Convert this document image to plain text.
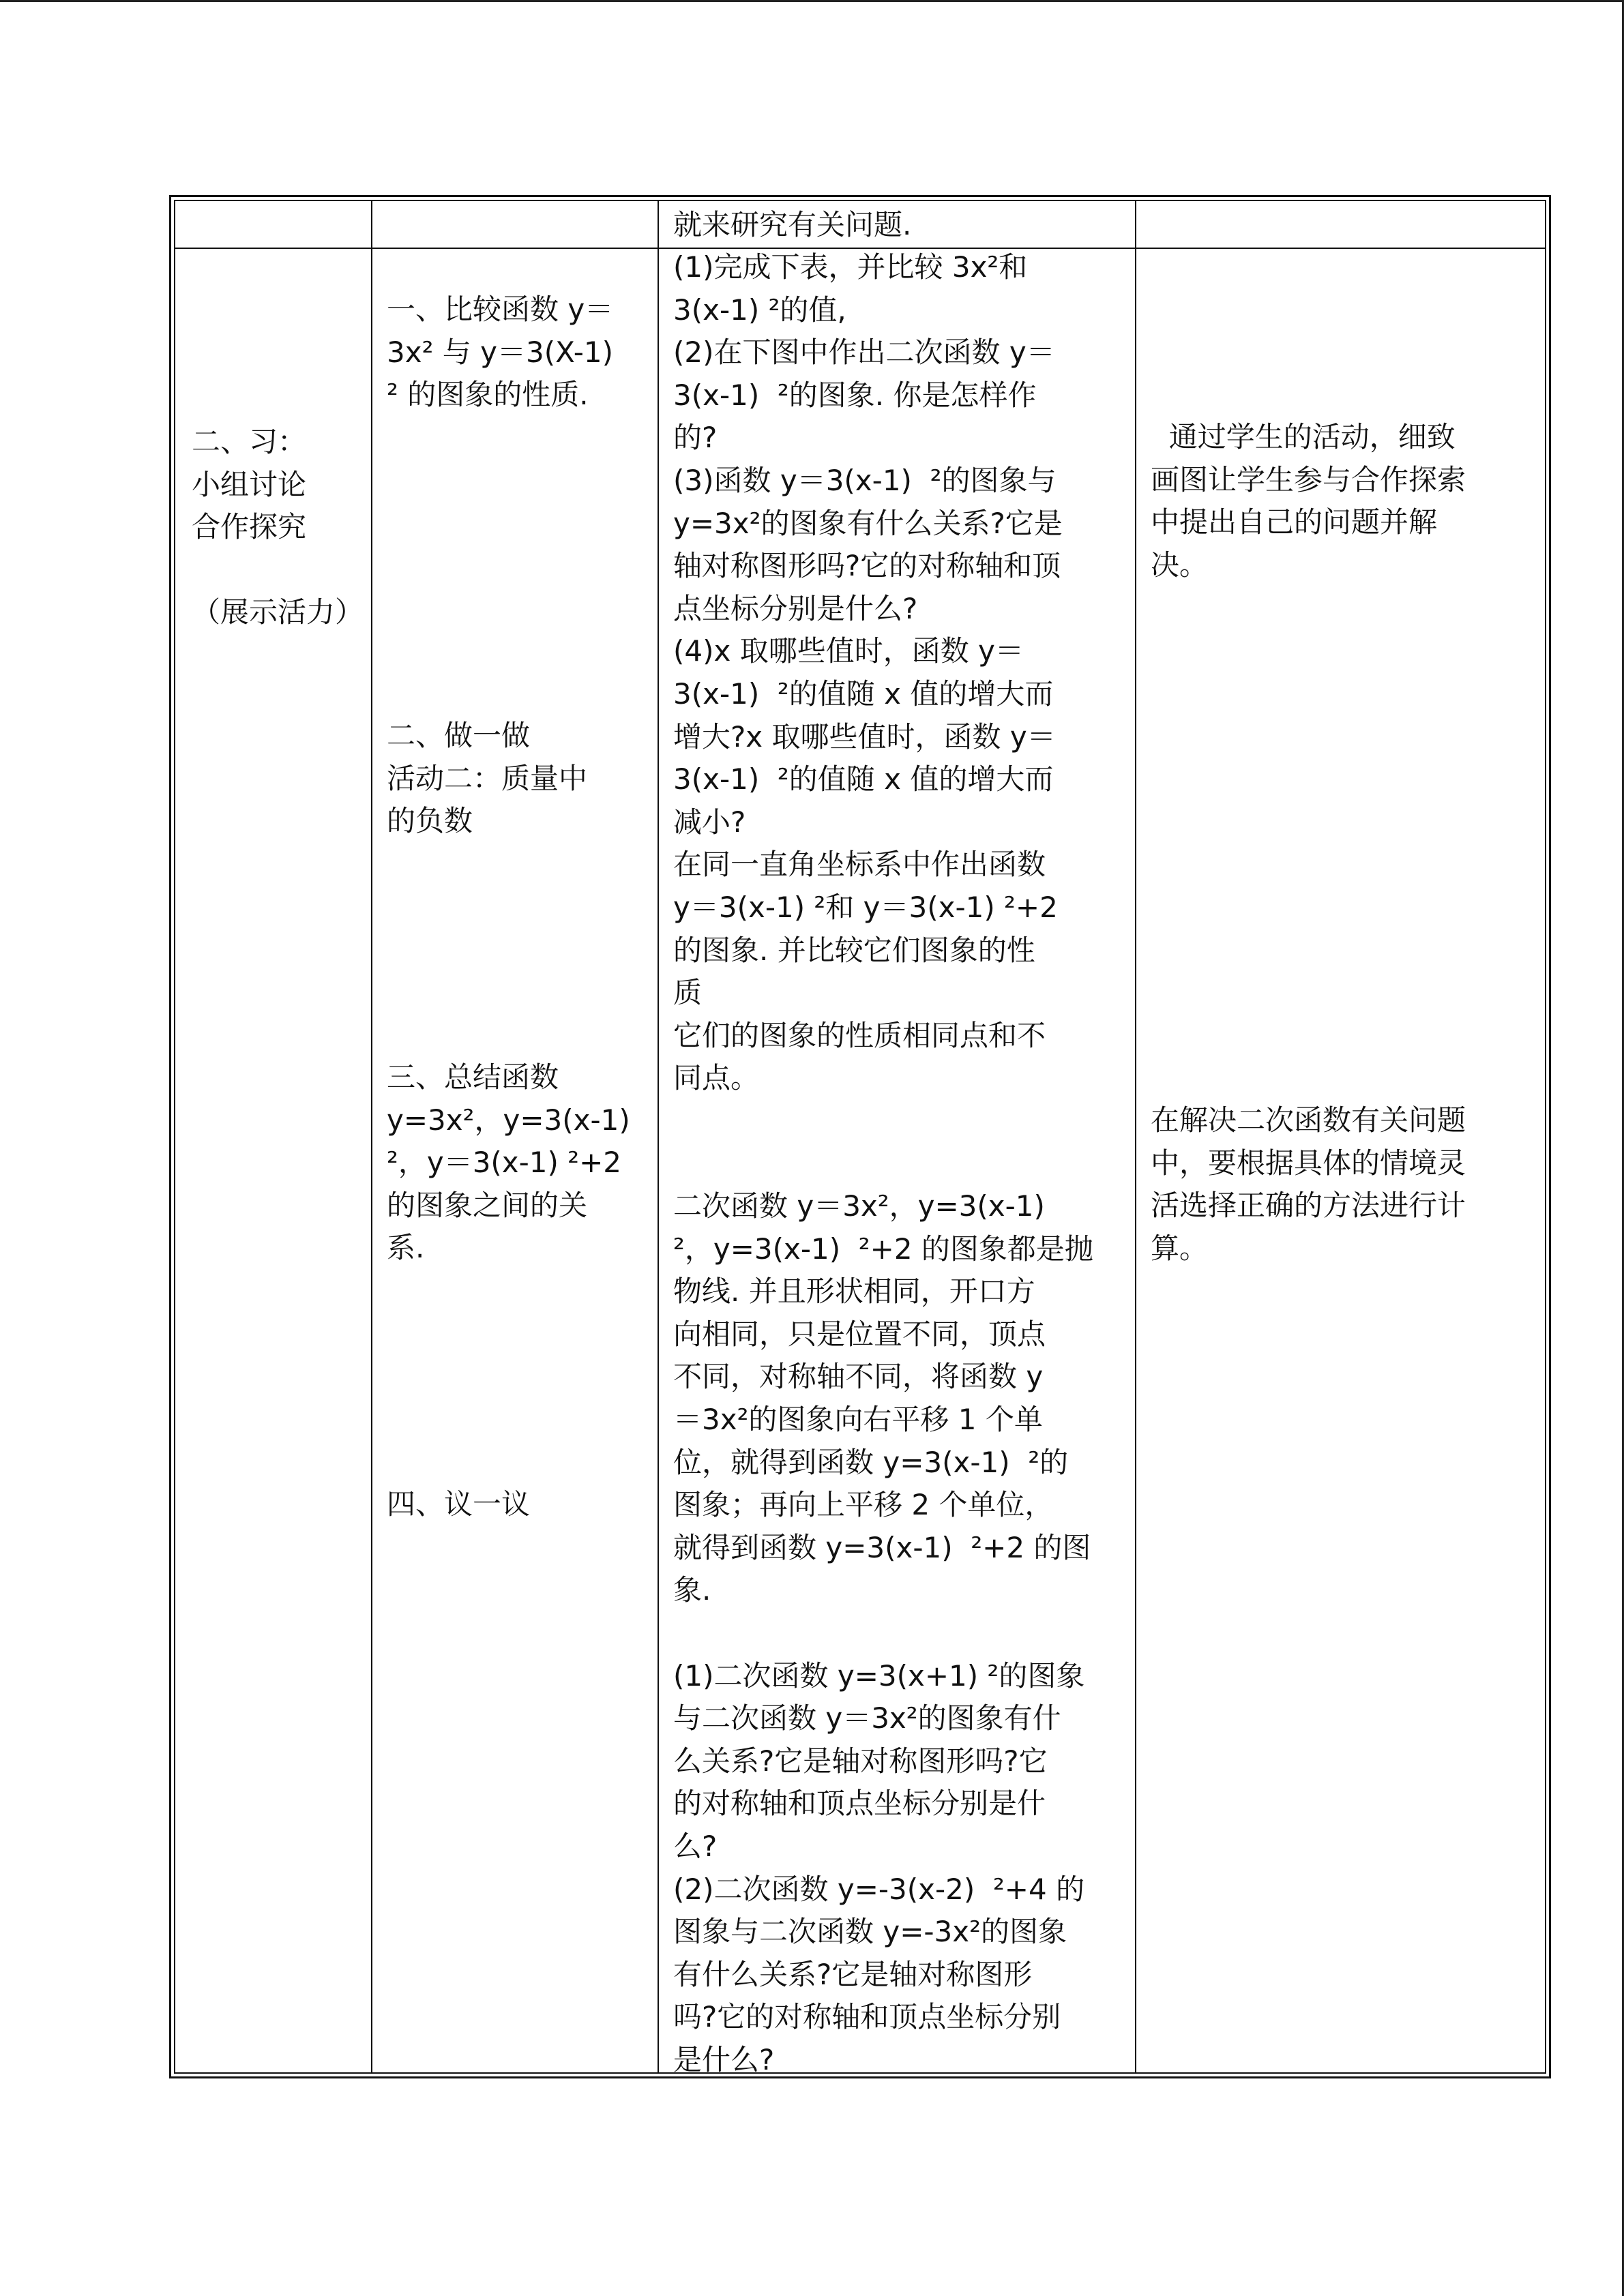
就来研究有关问题.
二、习：
小组讨论
合作探究

（展示活力）
一、比较函数 y＝
3x² 与 y＝3(X-1)
² 的图象的性质.
二、做一做
活动二：质量中
的负数
三、总结函数
y=3x²，y=3(x-1)
²，y＝3(x-1) ²+2
的图象之间的关
系.
四、议一议
(1)完成下表，并比较 3x²和
3(x-1) ²的值,
(2)在下图中作出二次函数 y＝
3(x-1)  ²的图象. 你是怎样作
的?
(3)函数 y＝3(x-1)  ²的图象与
y=3x²的图象有什么关系?它是
轴对称图形吗?它的对称轴和顶
点坐标分别是什么?
(4)x 取哪些值时，函数 y＝
3(x-1)  ²的值随 x 值的增大而
增大?x 取哪些值时，函数 y＝
3(x-1)  ²的值随 x 值的增大而
减小?
在同一直角坐标系中作出函数
y＝3(x-1) ²和 y＝3(x-1) ²+2
的图象. 并比较它们图象的性
质
它们的图象的性质相同点和不
同点。

二次函数 y＝3x²，y=3(x-1)
²，y=3(x-1)  ²+2 的图象都是抛
物线. 并且形状相同，开口方
向相同，只是位置不同，顶点
不同，对称轴不同，将函数 y
＝3x²的图象向右平移 1 个单
位，就得到函数 y=3(x-1)  ²的
图象；再向上平移 2 个单位，
就得到函数 y=3(x-1)  ²+2 的图
象.

(1)二次函数 y=3(x+1) ²的图象
与二次函数 y＝3x²的图象有什
么关系?它是轴对称图形吗?它
的对称轴和顶点坐标分别是什
么?
(2)二次函数 y=-3(x-2)  ²+4 的
图象与二次函数 y=-3x²的图象
有什么关系?它是轴对称图形
吗?它的对称轴和顶点坐标分别
是什么?
通过学生的活动，细致
画图让学生参与合作探索
中提出自己的问题并解
决。
在解决二次函数有关问题
中，要根据具体的情境灵
活选择正确的方法进行计
算。
